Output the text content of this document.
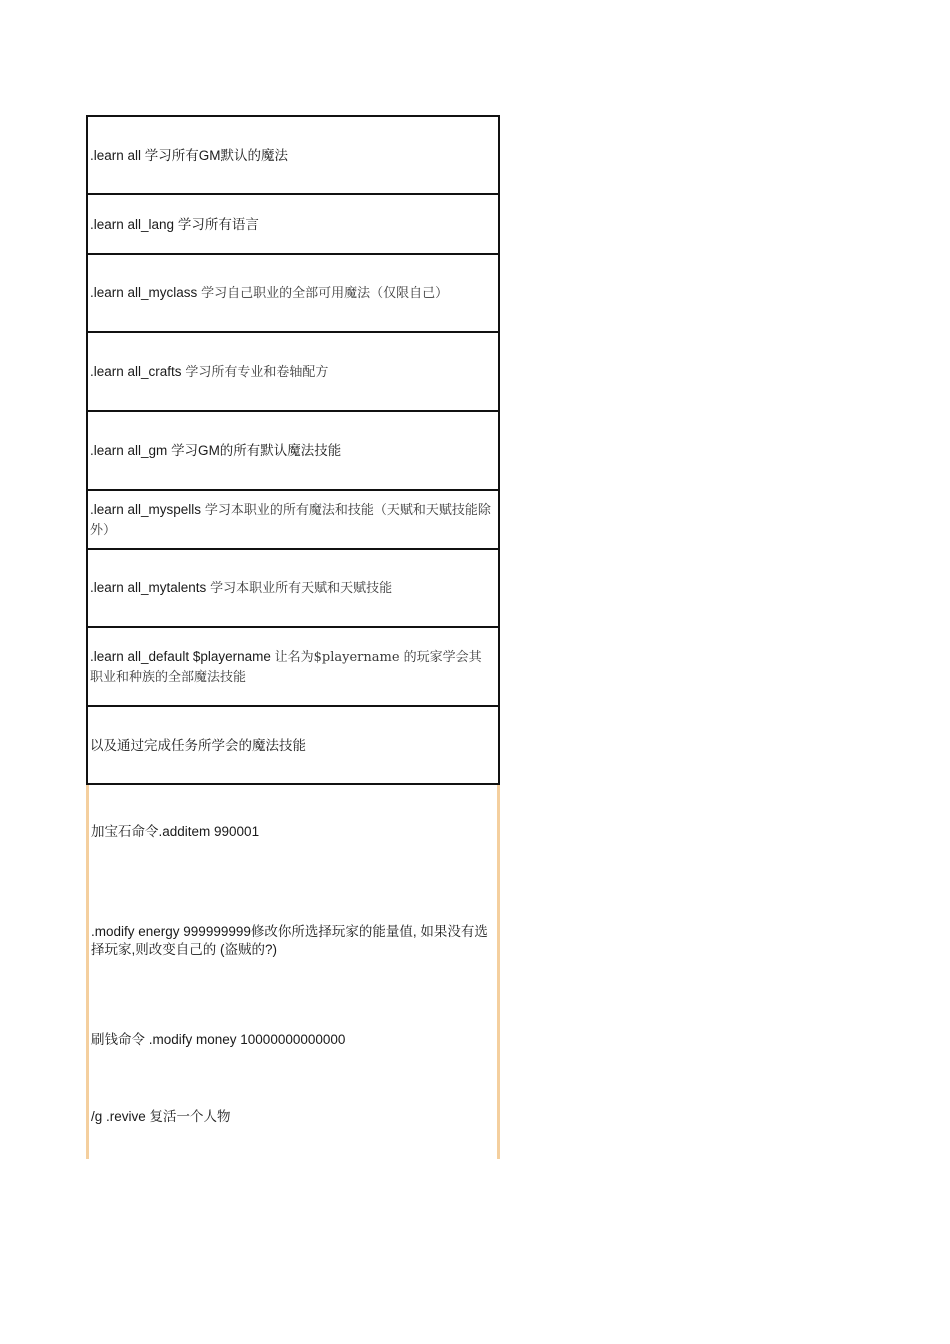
.learn all 学习所有GM默认的魔法
.learn all_lang 学习所有语言
.learn all_myclass 学习自己职业的全部可用魔法（仅限自己）
.learn all_crafts 学习所有专业和卷轴配方
.learn all_gm 学习GM的所有默认魔法技能
.learn all_myspells 学习本职业的所有魔法和技能（天赋和天赋技能除外）
.learn all_mytalents 学习本职业所有天赋和天赋技能
.learn all_default $playername 让名为$playername 的玩家学会其职业和种族的全部魔法技能
以及通过完成任务所学会的魔法技能
加宝石命令.additem 990001
.modify energy 999999999修改你所选择玩家的能量值, 如果没有选择玩家,则改变自己的 (盗贼的?)
刷钱命令 .modify money 10000000000000
/g .revive 复活一个人物
